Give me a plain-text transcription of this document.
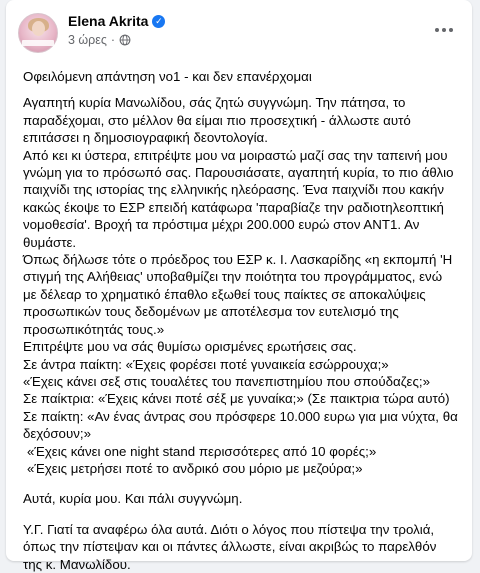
Elena Akrita ✓
3 ώρες ·

Οφειλόμενη απάντηση νο1 - και δεν επανέρχομαι

Αγαπητή κυρία Μανωλίδου, σάς ζητώ συγγνώμη. Την πάτησα, το παραδέχομαι, στο μέλλον θα είμαι πιο προσεχτική - άλλωστε αυτό επιτάσσει η δημοσιογραφική δεοντολογία.

Από κει κι ύστερα, επιτρέψτε μου να μοιραστώ μαζί σας την ταπεινή μου γνώμη για το πρόσωπό σας. Παρουσιάσατε, αγαπητή κυρία, το πιο άθλιο παιχνίδι της ιστορίας της ελληνικής ηλεόρασης. Ένα παιχνίδι που κακήν κακώς έκοψε το ΕΣΡ επειδή κατάφωρα 'παραβίαζε την ραδιοτηλεοπτική νομοθεσία'. Βροχή τα πρόστιμα μέχρι 200.000 ευρώ στον ΑΝΤ1. Αν θυμάστε.

Όπως δήλωσε τότε ο πρόεδρος του ΕΣΡ κ. Ι. Λασκαρίδης «η εκπομπή 'Η στιγμή της Αλήθειας' υποβαθμίζει την ποιότητα του προγράμματος, ενώ με δέλεαρ το χρηματικό έπαθλο εξωθεί τους παίκτες σε αποκαλύψεις προσωπικών τους δεδομένων με αποτέλεσμα τον ευτελισμό της προσωπικότητάς τους.»

Επιτρέψτε μου να σάς θυμίσω ορισμένες ερωτήσεις σας.

Σε άντρα παίκτη: «Έχεις φορέσει ποτέ γυναικεία εσώρρουχα;»

«Έχεις κάνει σεξ στις τουαλέτες του πανεπιστημίου που σπούδαζες;»

Σε παίκτρια: «Έχεις κάνει ποτέ σέξ με γυναίκα;» (Σε παικτρια τώρα αυτό)

Σε παίκτη: «Αν ένας άντρας σου πρόσφερε 10.000 ευρω για μια νύχτα, θα δεχόσουν;»

«Έχεις κάνει one night stand περισσότερες από 10 φορές;»

«Έχεις μετρήσει ποτέ το ανδρικό σου μόριο με μεζούρα;»

Αυτά, κυρία μου. Και πάλι συγγνώμη.

Υ.Γ. Γιατί τα αναφέρω όλα αυτά. Διότι ο λόγος που πίστεψα την τρολιά, όπως την πίστεψαν και οι πάντες άλλωστε, είναι ακριβώς το παρελθόν της κ. Μανωλίδου.
